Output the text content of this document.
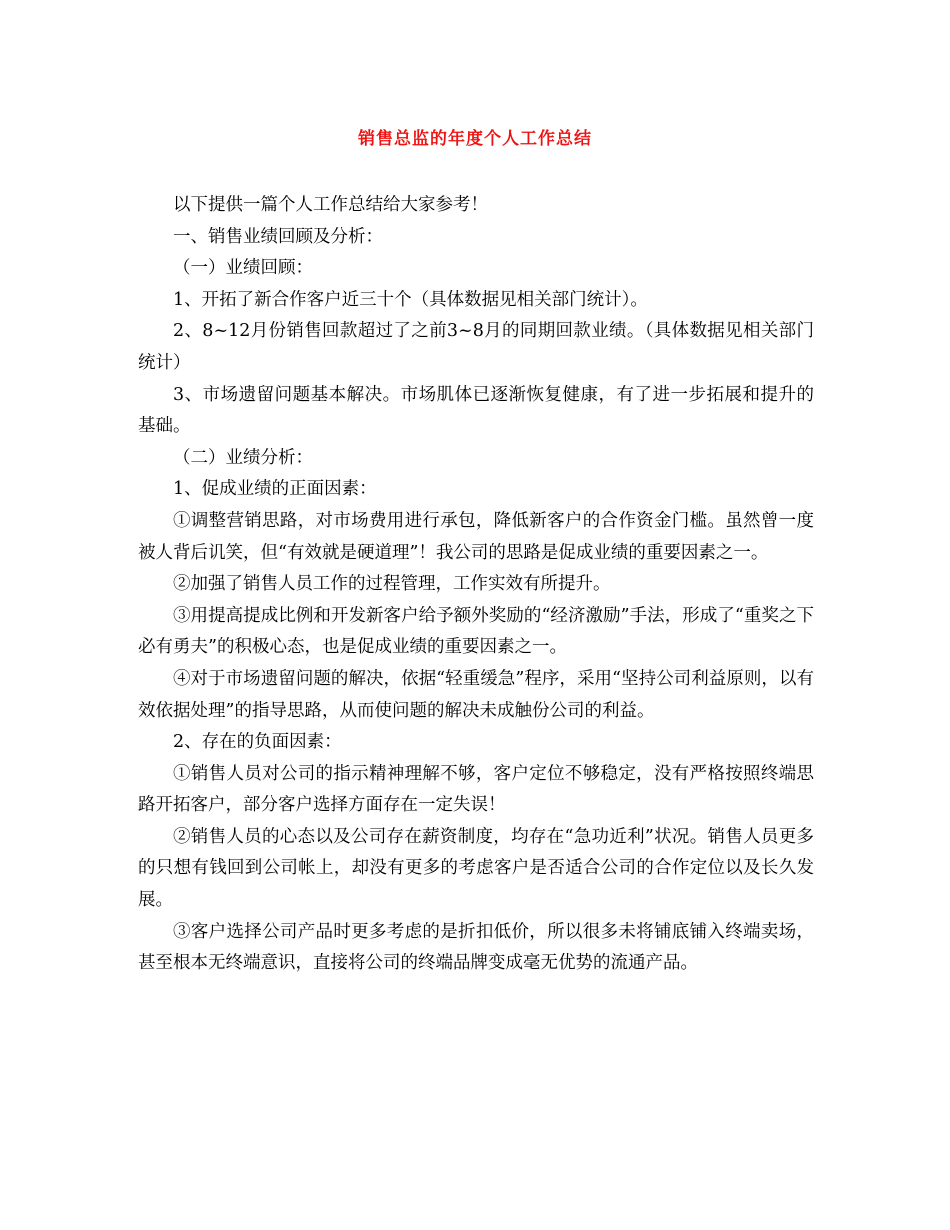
销售总监的年度个人工作总结

以下提供一篇个人工作总结给大家参考！

一、销售业绩回顾及分析：

（一）业绩回顾：

1、开拓了新合作客户近三十个（具体数据见相关部门统计）。

2、8~12月份销售回款超过了之前3~8月的同期回款业绩。（具体数据见相关部门统计）

3、市场遗留问题基本解决。市场肌体已逐渐恢复健康，有了进一步拓展和提升的基础。

（二）业绩分析：

1、促成业绩的正面因素：

①调整营销思路，对市场费用进行承包，降低新客户的合作资金门槛。虽然曾一度被人背后讥笑，但“有效就是硬道理”！我公司的思路是促成业绩的重要因素之一。

②加强了销售人员工作的过程管理，工作实效有所提升。

③用提高提成比例和开发新客户给予额外奖励的“经济激励”手法，形成了“重奖之下必有勇夫”的积极心态，也是促成业绩的重要因素之一。

④对于市场遗留问题的解决，依据“轻重缓急”程序，采用“坚持公司利益原则，以有效依据处理”的指导思路，从而使问题的解决未成触份公司的利益。

2、存在的负面因素：

①销售人员对公司的指示精神理解不够，客户定位不够稳定，没有严格按照终端思路开拓客户，部分客户选择方面存在一定失误！

②销售人员的心态以及公司存在薪资制度，均存在“急功近利”状况。销售人员更多的只想有钱回到公司帐上，却没有更多的考虑客户是否适合公司的合作定位以及长久发展。

③客户选择公司产品时更多考虑的是折扣低价，所以很多未将铺底铺入终端卖场，甚至根本无终端意识，直接将公司的终端品牌变成毫无优势的流通产品。
